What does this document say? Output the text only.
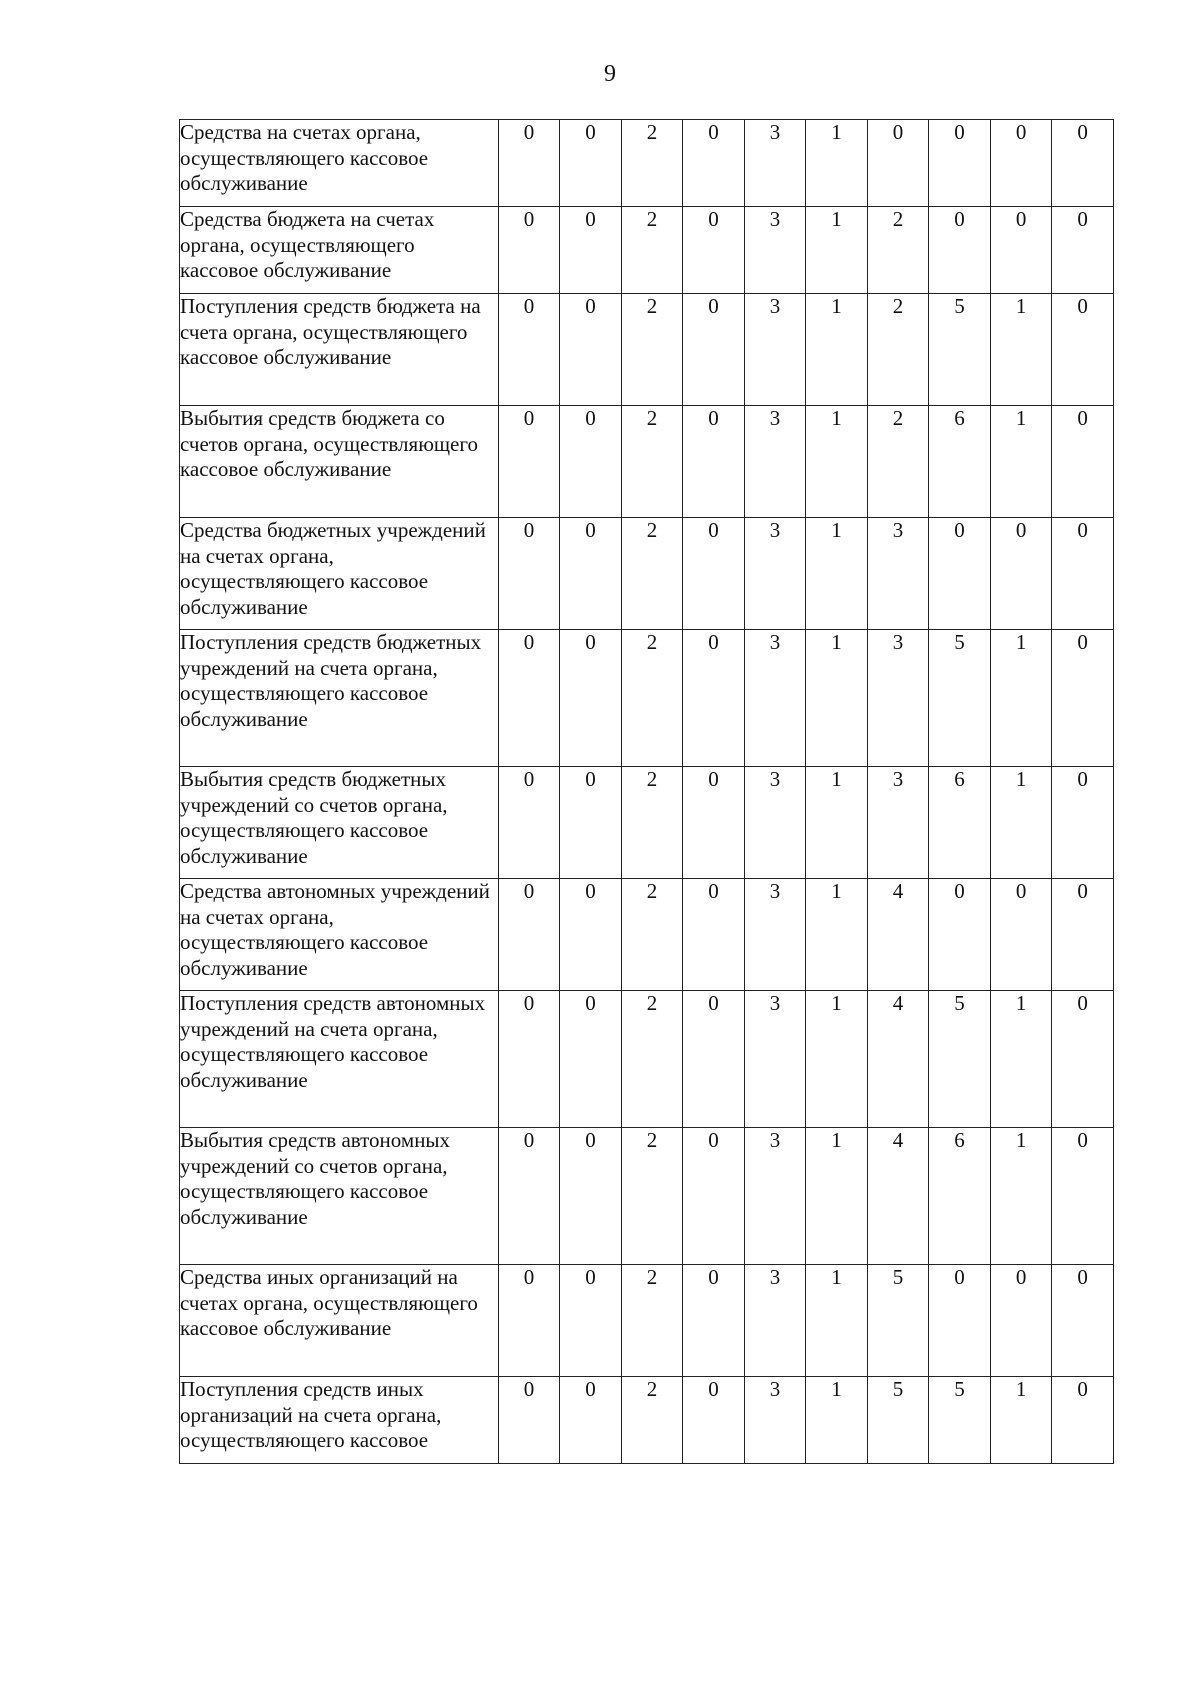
9
Средства на счетах органа, осуществляющего кассовое обслуживание	0	0	2	0	3	1	0	0	0	0
Средства бюджета на счетах органа, осуществляющего кассовое обслуживание	0	0	2	0	3	1	2	0	0	0
Поступления средств бюджета на счета органа, осуществляющего кассовое обслуживание	0	0	2	0	3	1	2	5	1	0
Выбытия средств бюджета со счетов органа, осуществляющего кассовое обслуживание	0	0	2	0	3	1	2	6	1	0
Средства бюджетных учреждений на счетах органа, осуществляющего кассовое обслуживание	0	0	2	0	3	1	3	0	0	0
Поступления средств бюджетных учреждений на счета органа, осуществляющего кассовое обслуживание	0	0	2	0	3	1	3	5	1	0
Выбытия средств бюджетных учреждений со счетов органа, осуществляющего кассовое обслуживание	0	0	2	0	3	1	3	6	1	0
Средства автономных учреждений на счетах органа, осуществляющего кассовое обслуживание	0	0	2	0	3	1	4	0	0	0
Поступления средств автономных учреждений на счета органа, осуществляющего кассовое обслуживание	0	0	2	0	3	1	4	5	1	0
Выбытия средств автономных учреждений со счетов органа, осуществляющего кассовое обслуживание	0	0	2	0	3	1	4	6	1	0
Средства иных организаций на счетах органа, осуществляющего кассовое обслуживание	0	0	2	0	3	1	5	0	0	0
Поступления средств иных организаций на счета органа, осуществляющего кассовое	0	0	2	0	3	1	5	5	1	0
